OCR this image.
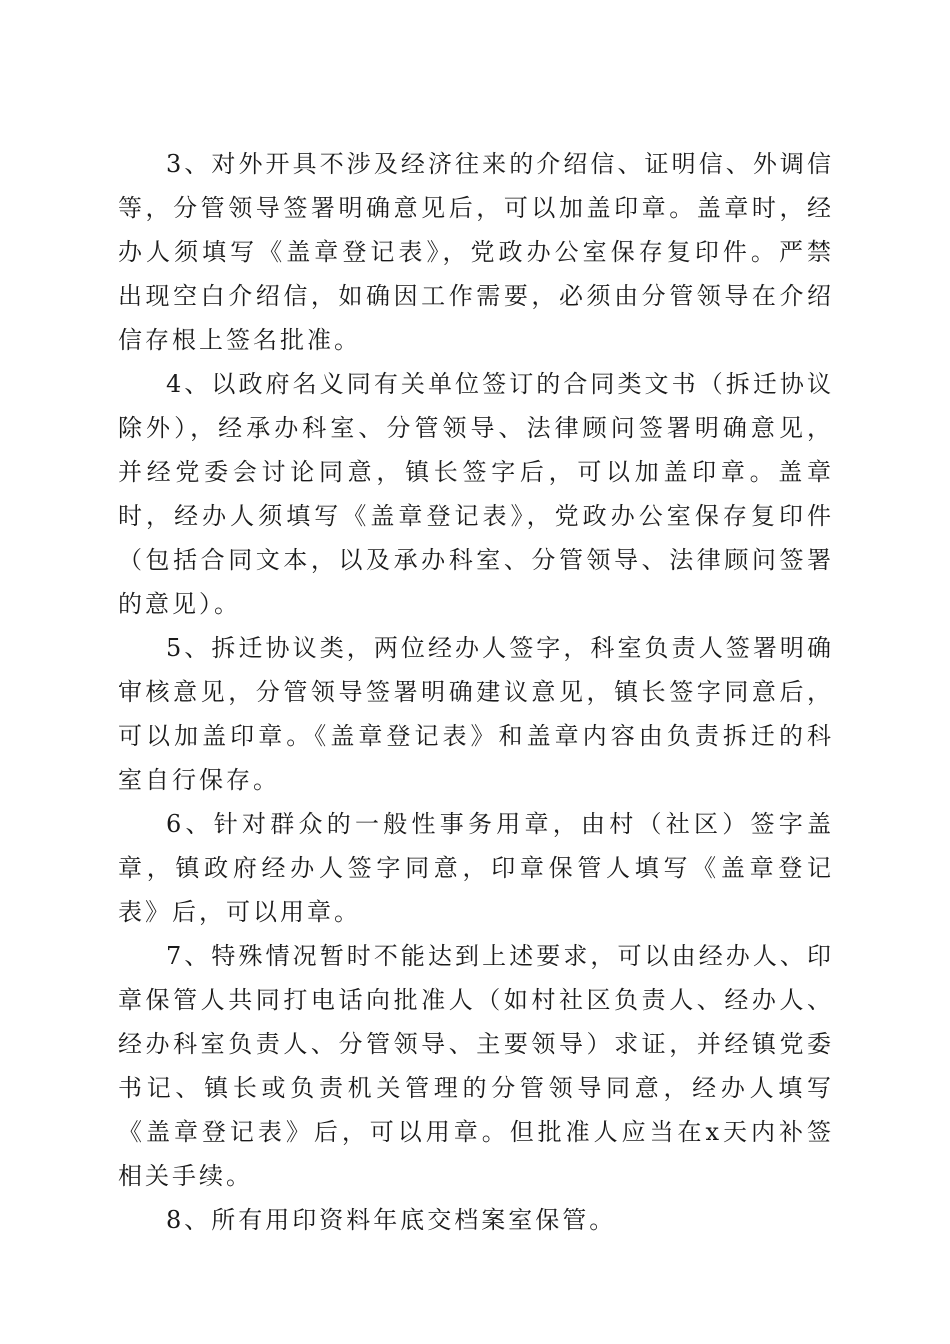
3、对外开具不涉及经济往来的介绍信、证明信、外调信等，分管领导签署明确意见后，可以加盖印章。盖章时，经办人须填写《盖章登记表》，党政办公室保存复印件。严禁出现空白介绍信，如确因工作需要，必须由分管领导在介绍信存根上签名批准。

4、以政府名义同有关单位签订的合同类文书（拆迁协议除外），经承办科室、分管领导、法律顾问签署明确意见，并经党委会讨论同意，镇长签字后，可以加盖印章。盖章时，经办人须填写《盖章登记表》，党政办公室保存复印件（包括合同文本，以及承办科室、分管领导、法律顾问签署的意见）。

5、拆迁协议类，两位经办人签字，科室负责人签署明确审核意见，分管领导签署明确建议意见，镇长签字同意后，可以加盖印章。《盖章登记表》和盖章内容由负责拆迁的科室自行保存。

6、针对群众的一般性事务用章，由村（社区）签字盖章，镇政府经办人签字同意，印章保管人填写《盖章登记表》后，可以用章。

7、特殊情况暂时不能达到上述要求，可以由经办人、印章保管人共同打电话向批准人（如村社区负责人、经办人、经办科室负责人、分管领导、主要领导）求证，并经镇党委书记、镇长或负责机关管理的分管领导同意，经办人填写《盖章登记表》后，可以用章。但批准人应当在x天内补签相关手续。

8、所有用印资料年底交档案室保管。
